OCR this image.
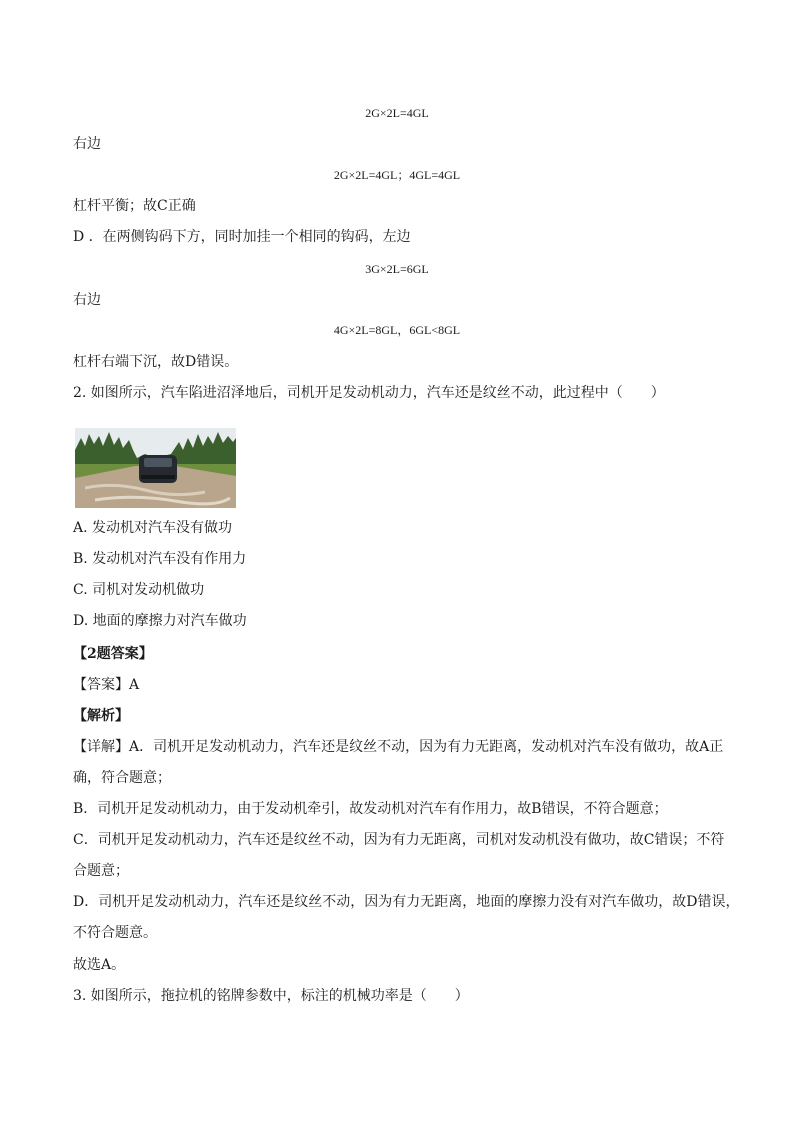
2G×2L=4GL
右边
2G×2L=4GL；4GL=4GL
杠杆平衡；故C正确
D ．在两侧钩码下方，同时加挂一个相同的钩码，左边
3G×2L=6GL
右边
4G×2L=8GL，6GL<8GL
杠杆右端下沉，故D错误。
2. 如图所示，汽车陷进沼泽地后，司机开足发动机动力，汽车还是纹丝不动，此过程中（　　）
A. 发动机对汽车没有做功
B. 发动机对汽车没有作用力
C. 司机对发动机做功
D. 地面的摩擦力对汽车做功
【2题答案】
【答案】A
【解析】
【详解】A．司机开足发动机动力，汽车还是纹丝不动，因为有力无距离，发动机对汽车没有做功，故A正
确，符合题意；
B．司机开足发动机动力，由于发动机牵引，故发动机对汽车有作用力，故B错误，不符合题意；
C．司机开足发动机动力，汽车还是纹丝不动，因为有力无距离，司机对发动机没有做功，故C错误；不符
合题意；
D．司机开足发动机动力，汽车还是纹丝不动，因为有力无距离，地面的摩擦力没有对汽车做功，故D错误，
不符合题意。
故选A。
3. 如图所示，拖拉机的铭牌参数中，标注的机械功率是（　　）
